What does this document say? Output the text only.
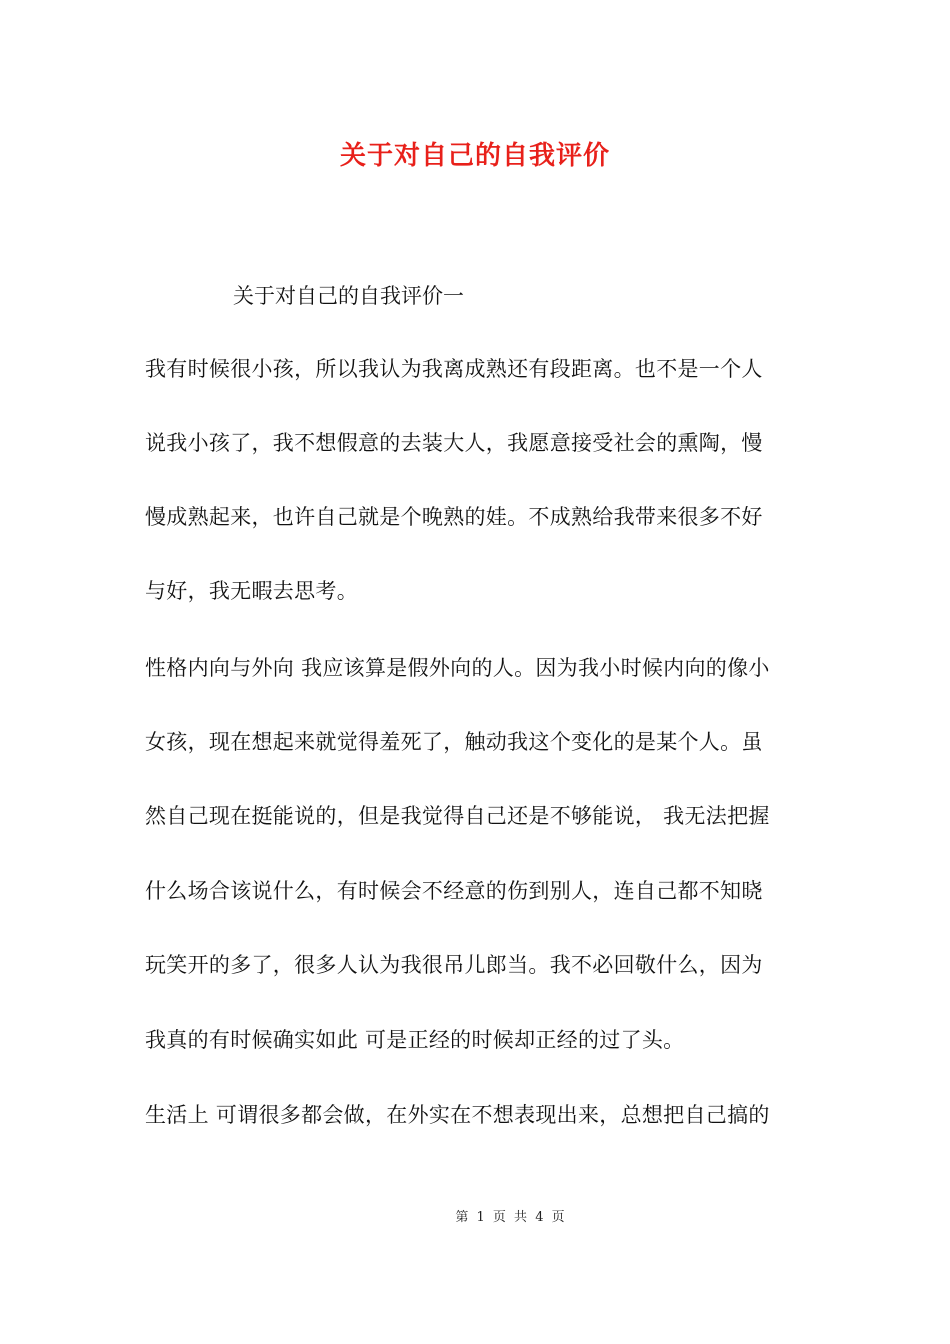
关于对自己的自我评价
关于对自己的自我评价一
我有时候很小孩，所以我认为我离成熟还有段距离。也不是一个人
说我小孩了，我不想假意的去装大人，我愿意接受社会的熏陶，慢
慢成熟起来，也许自己就是个晚熟的娃。不成熟给我带来很多不好
与好，我无暇去思考。
性格内向与外向 我应该算是假外向的人。因为我小时候内向的像小
女孩，现在想起来就觉得羞死了，触动我这个变化的是某个人。虽
然自己现在挺能说的，但是我觉得自己还是不够能说， 我无法把握
什么场合该说什么，有时候会不经意的伤到别人，连自己都不知晓
玩笑开的多了，很多人认为我很吊儿郎当。我不必回敬什么，因为
我真的有时候确实如此 可是正经的时候却正经的过了头。
生活上 可谓很多都会做，在外实在不想表现出来，总想把自己搞的
第 1 页 共 4 页
